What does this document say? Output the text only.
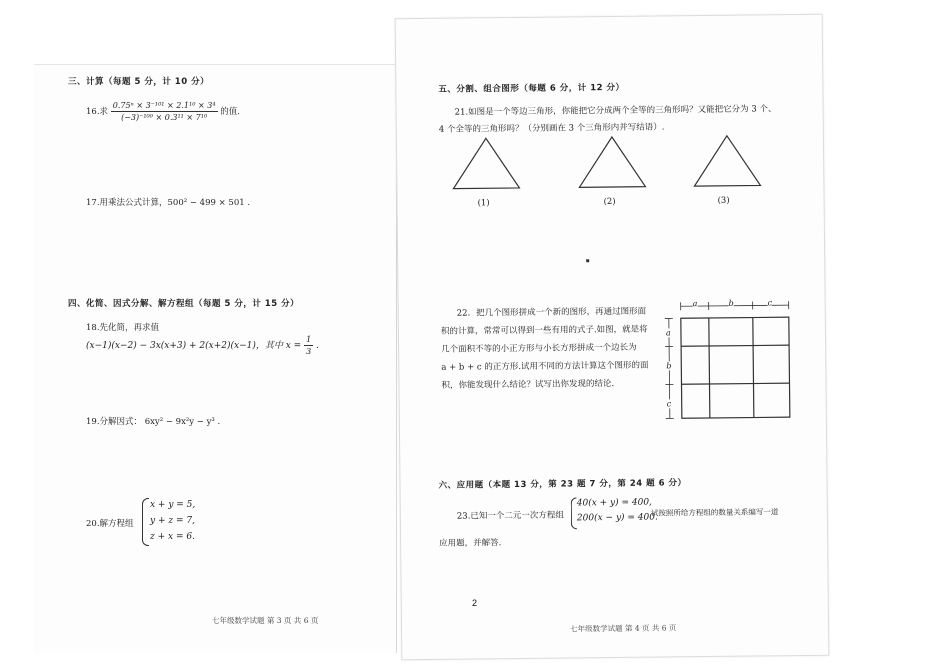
三、计算（每题 5 分，计 10 分）
16.求 $\frac{\text{0.75ⁿ × 3⁻¹⁰¹ × 2.1¹⁰ × 3⁴}}{\text{(−3)⁻¹⁰⁰ × 0.3¹¹ × 7¹⁰}}$ 的值.
17.用乘法公式计算，500² − 499 × 501 .
四、化简、因式分解、解方程组（每题 5 分，计 15 分）
18.先化简，再求值
(x−1)(x−2) − 3x(x+3) + 2(x+2)(x−1)，其中 $x = \frac{1}{3}$ .
19.分解因式： 6xy² − 9x²y − y³ .
20.解方程组
x + y = 5,
y + z = 7,
z + x = 6.
七年级数学试题 第 3 页 共 6 页
五、分割、组合图形（每题 6 分，计 12 分）
21.如图是一个等边三角形，你能把它分成两个全等的三角形吗？又能把它分为 3 个、
4 个全等的三角形吗？（分别画在 3 个三角形内并写结语）.
(1)	(2)	(3)
22．把几个图形拼成一个新的图形，再通过图形面
积的计算，常常可以得到一些有用的式子.如图，就是将
几个面积不等的小正方形与小长方形拼成一个边长为
a + b + c 的正方形.试用不同的方法计算这个图形的面
积，你能发现什么结论？试写出你发现的结论.
a	b	c
a
b
c
六、应用题（本题 13 分，第 23 题 7 分，第 24 题 6 分）
23.已知一个二元一次方程组
40(x + y) = 400,
200(x − y) = 400.
试按照所给方程组的数量关系编写一道
应用题，并解答.
七年级数学试题 第 4 页 共 6 页
2
